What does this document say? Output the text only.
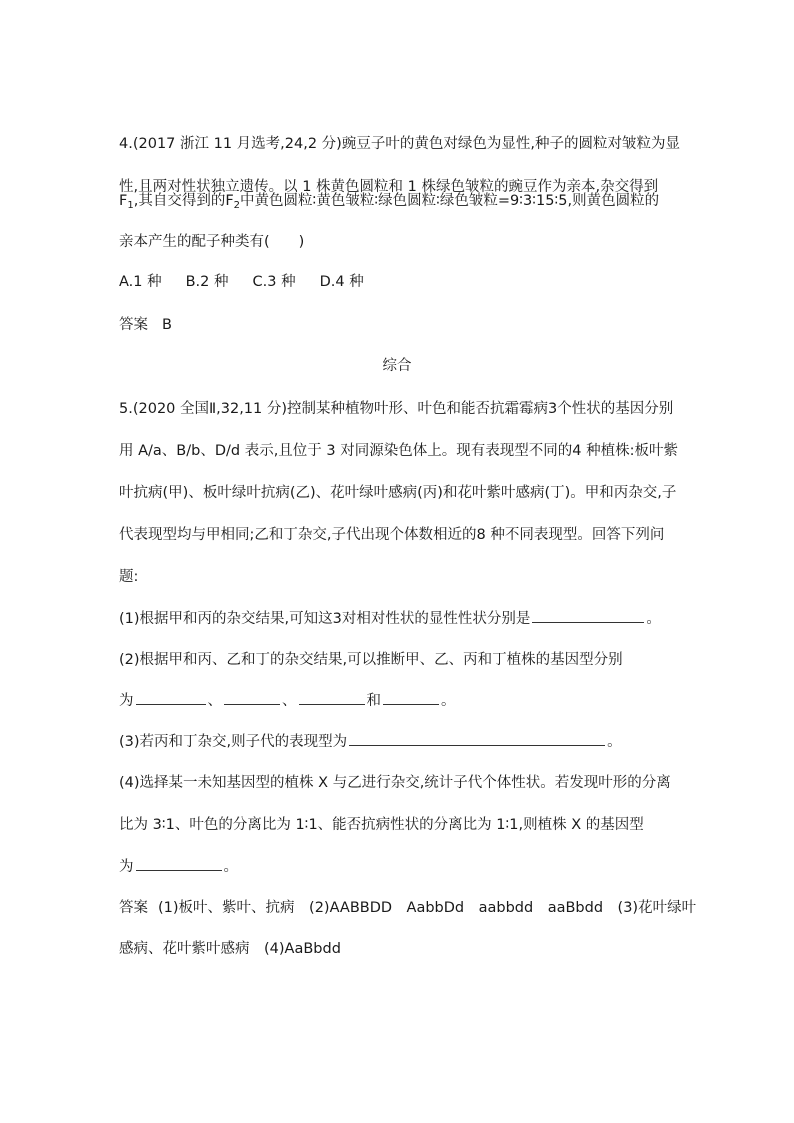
4.(2017 浙江 11 月选考,24,2 分)豌豆子叶的黄色对绿色为显性,种子的圆粒对皱粒为显
性,且两对性状独立遗传。以 1 株黄色圆粒和 1 株绿色皱粒的豌豆作为亲本,杂交得到
$F_1$,其自交得到的$F_2$中黄色圆粒∶黄色皱粒∶绿色圆粒∶绿色皱粒=9∶3∶15∶5,则黄色圆粒的
亲本产生的配子种类有(　　)
A.1 种 B.2 种 C.3 种 D.4 种
答案 B
综合
5.(2020 全国Ⅱ,32,11 分)控制某种植物叶形、叶色和能否抗霜霉病3个性状的基因分别
用 A/a、B/b、D/d 表示,且位于 3 对同源染色体上。现有表现型不同的4 种植株:板叶紫
叶抗病(甲)、板叶绿叶抗病(乙)、花叶绿叶感病(丙)和花叶紫叶感病(丁)。甲和丙杂交,子
代表现型均与甲相同;乙和丁杂交,子代出现个体数相近的8 种不同表现型。回答下列问
题:
(1)根据甲和丙的杂交结果,可知这3对相对性状的显性性状分别是	。
(2)根据甲和丙、乙和丁的杂交结果,可以推断甲、乙、丙和丁植株的基因型分别
为	、	、	和	。
(3)若丙和丁杂交,则子代的表现型为	。
(4)选择某一未知基因型的植株 X 与乙进行杂交,统计子代个体性状。若发现叶形的分离
比为 3∶1、叶色的分离比为 1∶1、能否抗病性状的分离比为 1∶1,则植株 X 的基因型
为	。
答案 (1)板叶、紫叶、抗病　(2)AABBDD　AabbDd　aabbdd　aaBbdd　(3)花叶绿叶
感病、花叶紫叶感病　(4)AaBbdd
